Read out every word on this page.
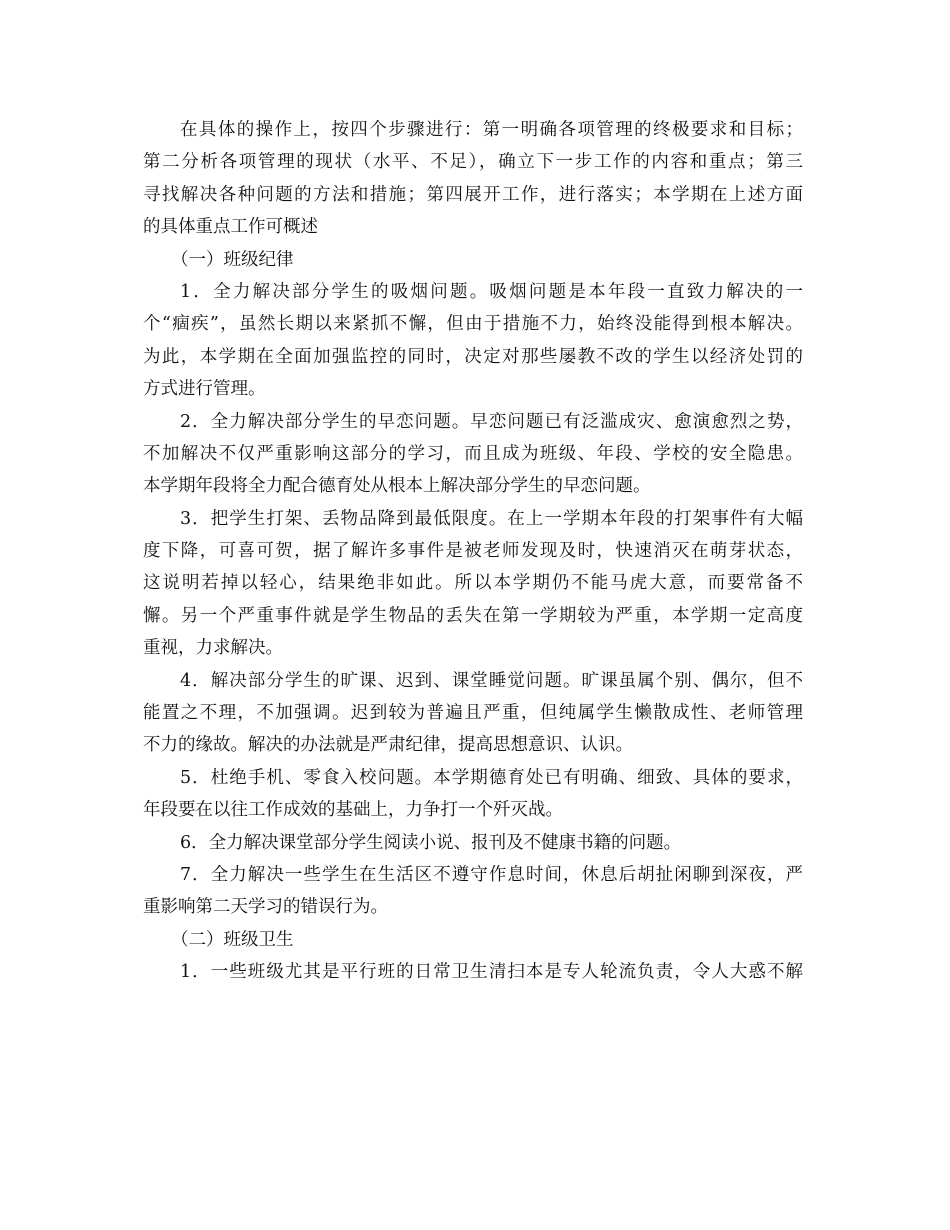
在具体的操作上，按四个步骤进行：第一明确各项管理的终极要求和目标；
第二分析各项管理的现状（水平、不足），确立下一步工作的内容和重点；第三
寻找解决各种问题的方法和措施；第四展开工作，进行落实；本学期在上述方面
的具体重点工作可概述
（一）班级纪律
1．全力解决部分学生的吸烟问题。吸烟问题是本年段一直致力解决的一
个“痼疾”，虽然长期以来紧抓不懈，但由于措施不力，始终没能得到根本解决。
为此，本学期在全面加强监控的同时，决定对那些屡教不改的学生以经济处罚的
方式进行管理。
2．全力解决部分学生的早恋问题。早恋问题已有泛滥成灾、愈演愈烈之势，
不加解决不仅严重影响这部分的学习，而且成为班级、年段、学校的安全隐患。
本学期年段将全力配合德育处从根本上解决部分学生的早恋问题。
3．把学生打架、丢物品降到最低限度。在上一学期本年段的打架事件有大幅
度下降，可喜可贺，据了解许多事件是被老师发现及时，快速消灭在萌芽状态，
这说明若掉以轻心，结果绝非如此。所以本学期仍不能马虎大意，而要常备不
懈。另一个严重事件就是学生物品的丢失在第一学期较为严重，本学期一定高度
重视，力求解决。
4．解决部分学生的旷课、迟到、课堂睡觉问题。旷课虽属个别、偶尔，但不
能置之不理，不加强调。迟到较为普遍且严重，但纯属学生懒散成性、老师管理
不力的缘故。解决的办法就是严肃纪律，提高思想意识、认识。
5．杜绝手机、零食入校问题。本学期德育处已有明确、细致、具体的要求，
年段要在以往工作成效的基础上，力争打一个歼灭战。
6．全力解决课堂部分学生阅读小说、报刊及不健康书籍的问题。
7．全力解决一些学生在生活区不遵守作息时间，休息后胡扯闲聊到深夜，严
重影响第二天学习的错误行为。
（二）班级卫生
1．一些班级尤其是平行班的日常卫生清扫本是专人轮流负责，令人大惑不解
